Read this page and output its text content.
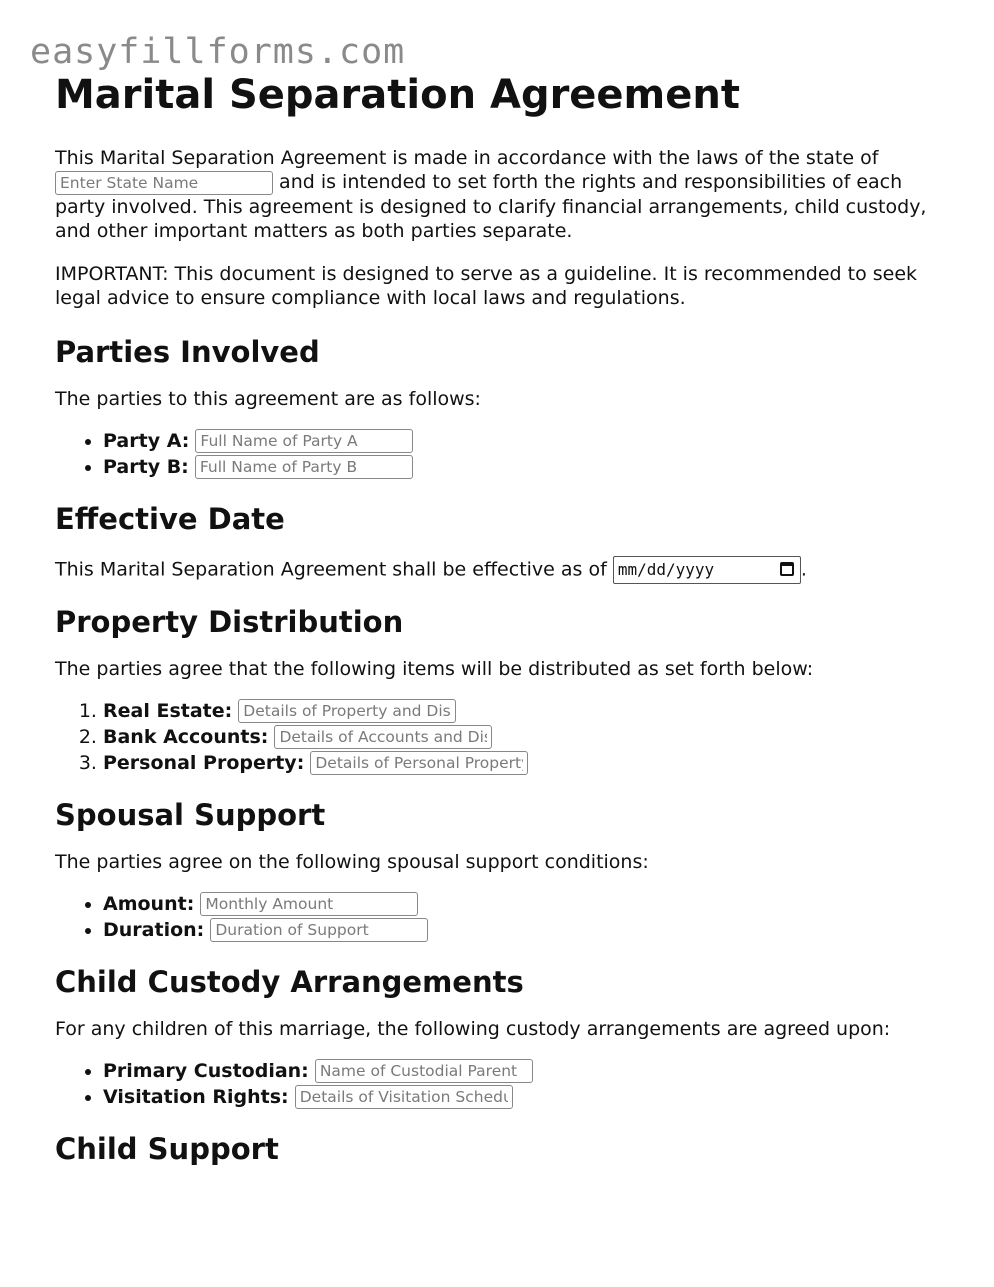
easyfillforms.com
Marital Separation Agreement

This Marital Separation Agreement is made in accordance with the laws of the state of Enter State Name and is intended to set forth the rights and responsibilities of each party involved. This agreement is designed to clarify financial arrangements, child custody, and other important matters as both parties separate.

IMPORTANT: This document is designed to serve as a guideline. It is recommended to seek legal advice to ensure compliance with local laws and regulations.

Parties Involved

The parties to this agreement are as follows:

• Party A: Full Name of Party A
• Party B: Full Name of Party B
Effective Date

This Marital Separation Agreement shall be effective as of mm/dd/yyyy	.

Property Distribution

The parties agree that the following items will be distributed as set forth below:

1. Real Estate: Details of Property and Distribution
2. Bank Accounts: Details of Accounts and Distribution
3. Personal Property: Details of Personal Property
Spousal Support

The parties agree on the following spousal support conditions:

• Amount: Monthly Amount
• Duration: Duration of Support
Child Custody Arrangements

For any children of this marriage, the following custody arrangements are agreed upon:

• Primary Custodian: Name of Custodial Parent
• Visitation Rights: Details of Visitation Schedule
Child Support
